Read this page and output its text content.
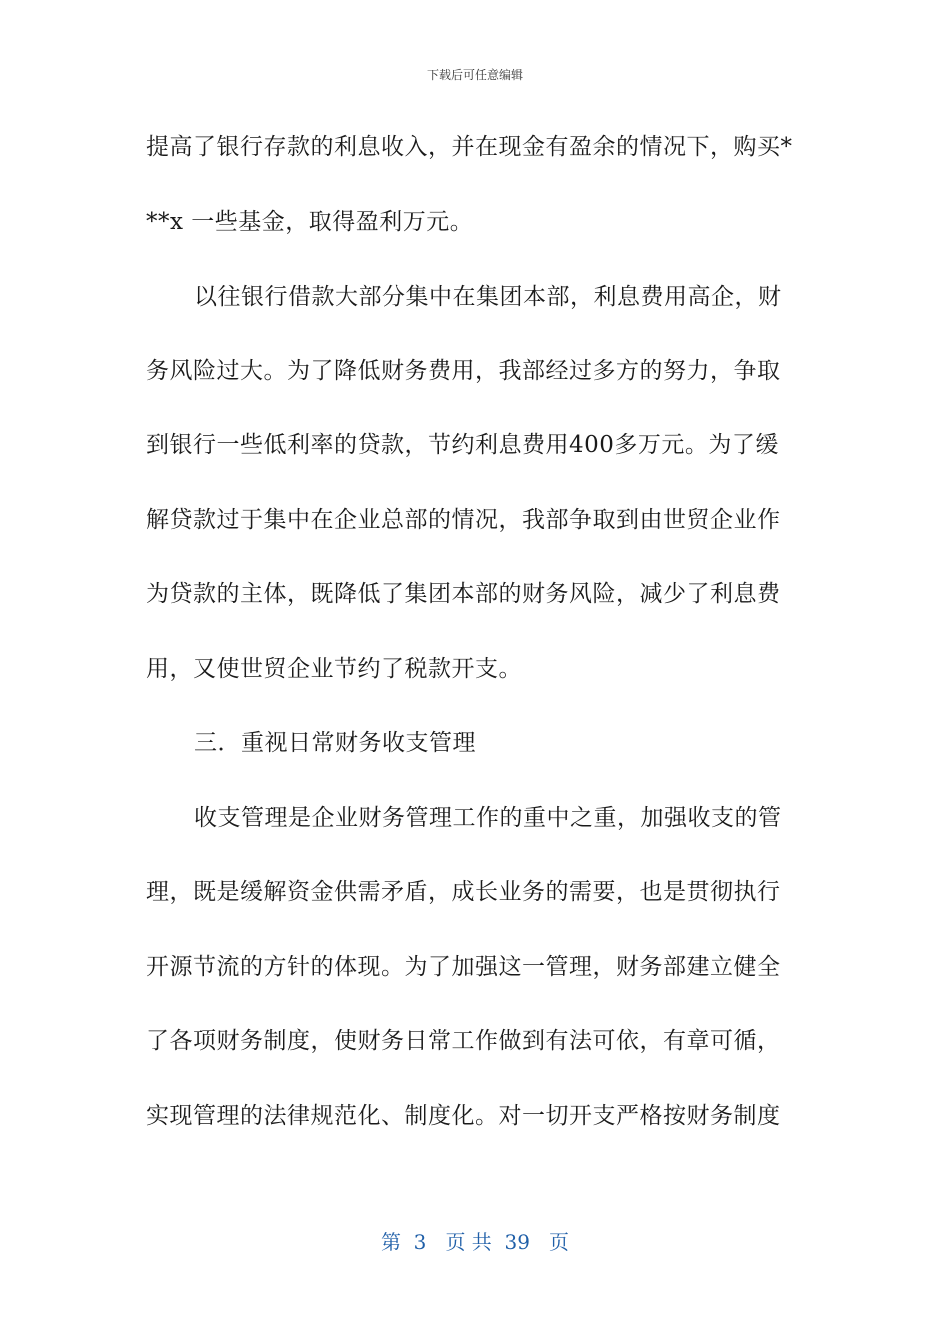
下载后可任意编辑
提高了银行存款的利息收入，并在现金有盈余的情况下，购买*
**x 一些基金，取得盈利万元。
以往银行借款大部分集中在集团本部，利息费用高企，财
务风险过大。为了降低财务费用，我部经过多方的努力，争取
到银行一些低利率的贷款，节约利息费用400多万元。为了缓
解贷款过于集中在企业总部的情况，我部争取到由世贸企业作
为贷款的主体，既降低了集团本部的财务风险，减少了利息费
用，又使世贸企业节约了税款开支。
三．重视日常财务收支管理
收支管理是企业财务管理工作的重中之重，加强收支的管
理，既是缓解资金供需矛盾，成长业务的需要，也是贯彻执行
开源节流的方针的体现。为了加强这一管理，财务部建立健全
了各项财务制度，使财务日常工作做到有法可依，有章可循，
实现管理的法律规范化、制度化。对一切开支严格按财务制度
第  3   页 共  39   页
